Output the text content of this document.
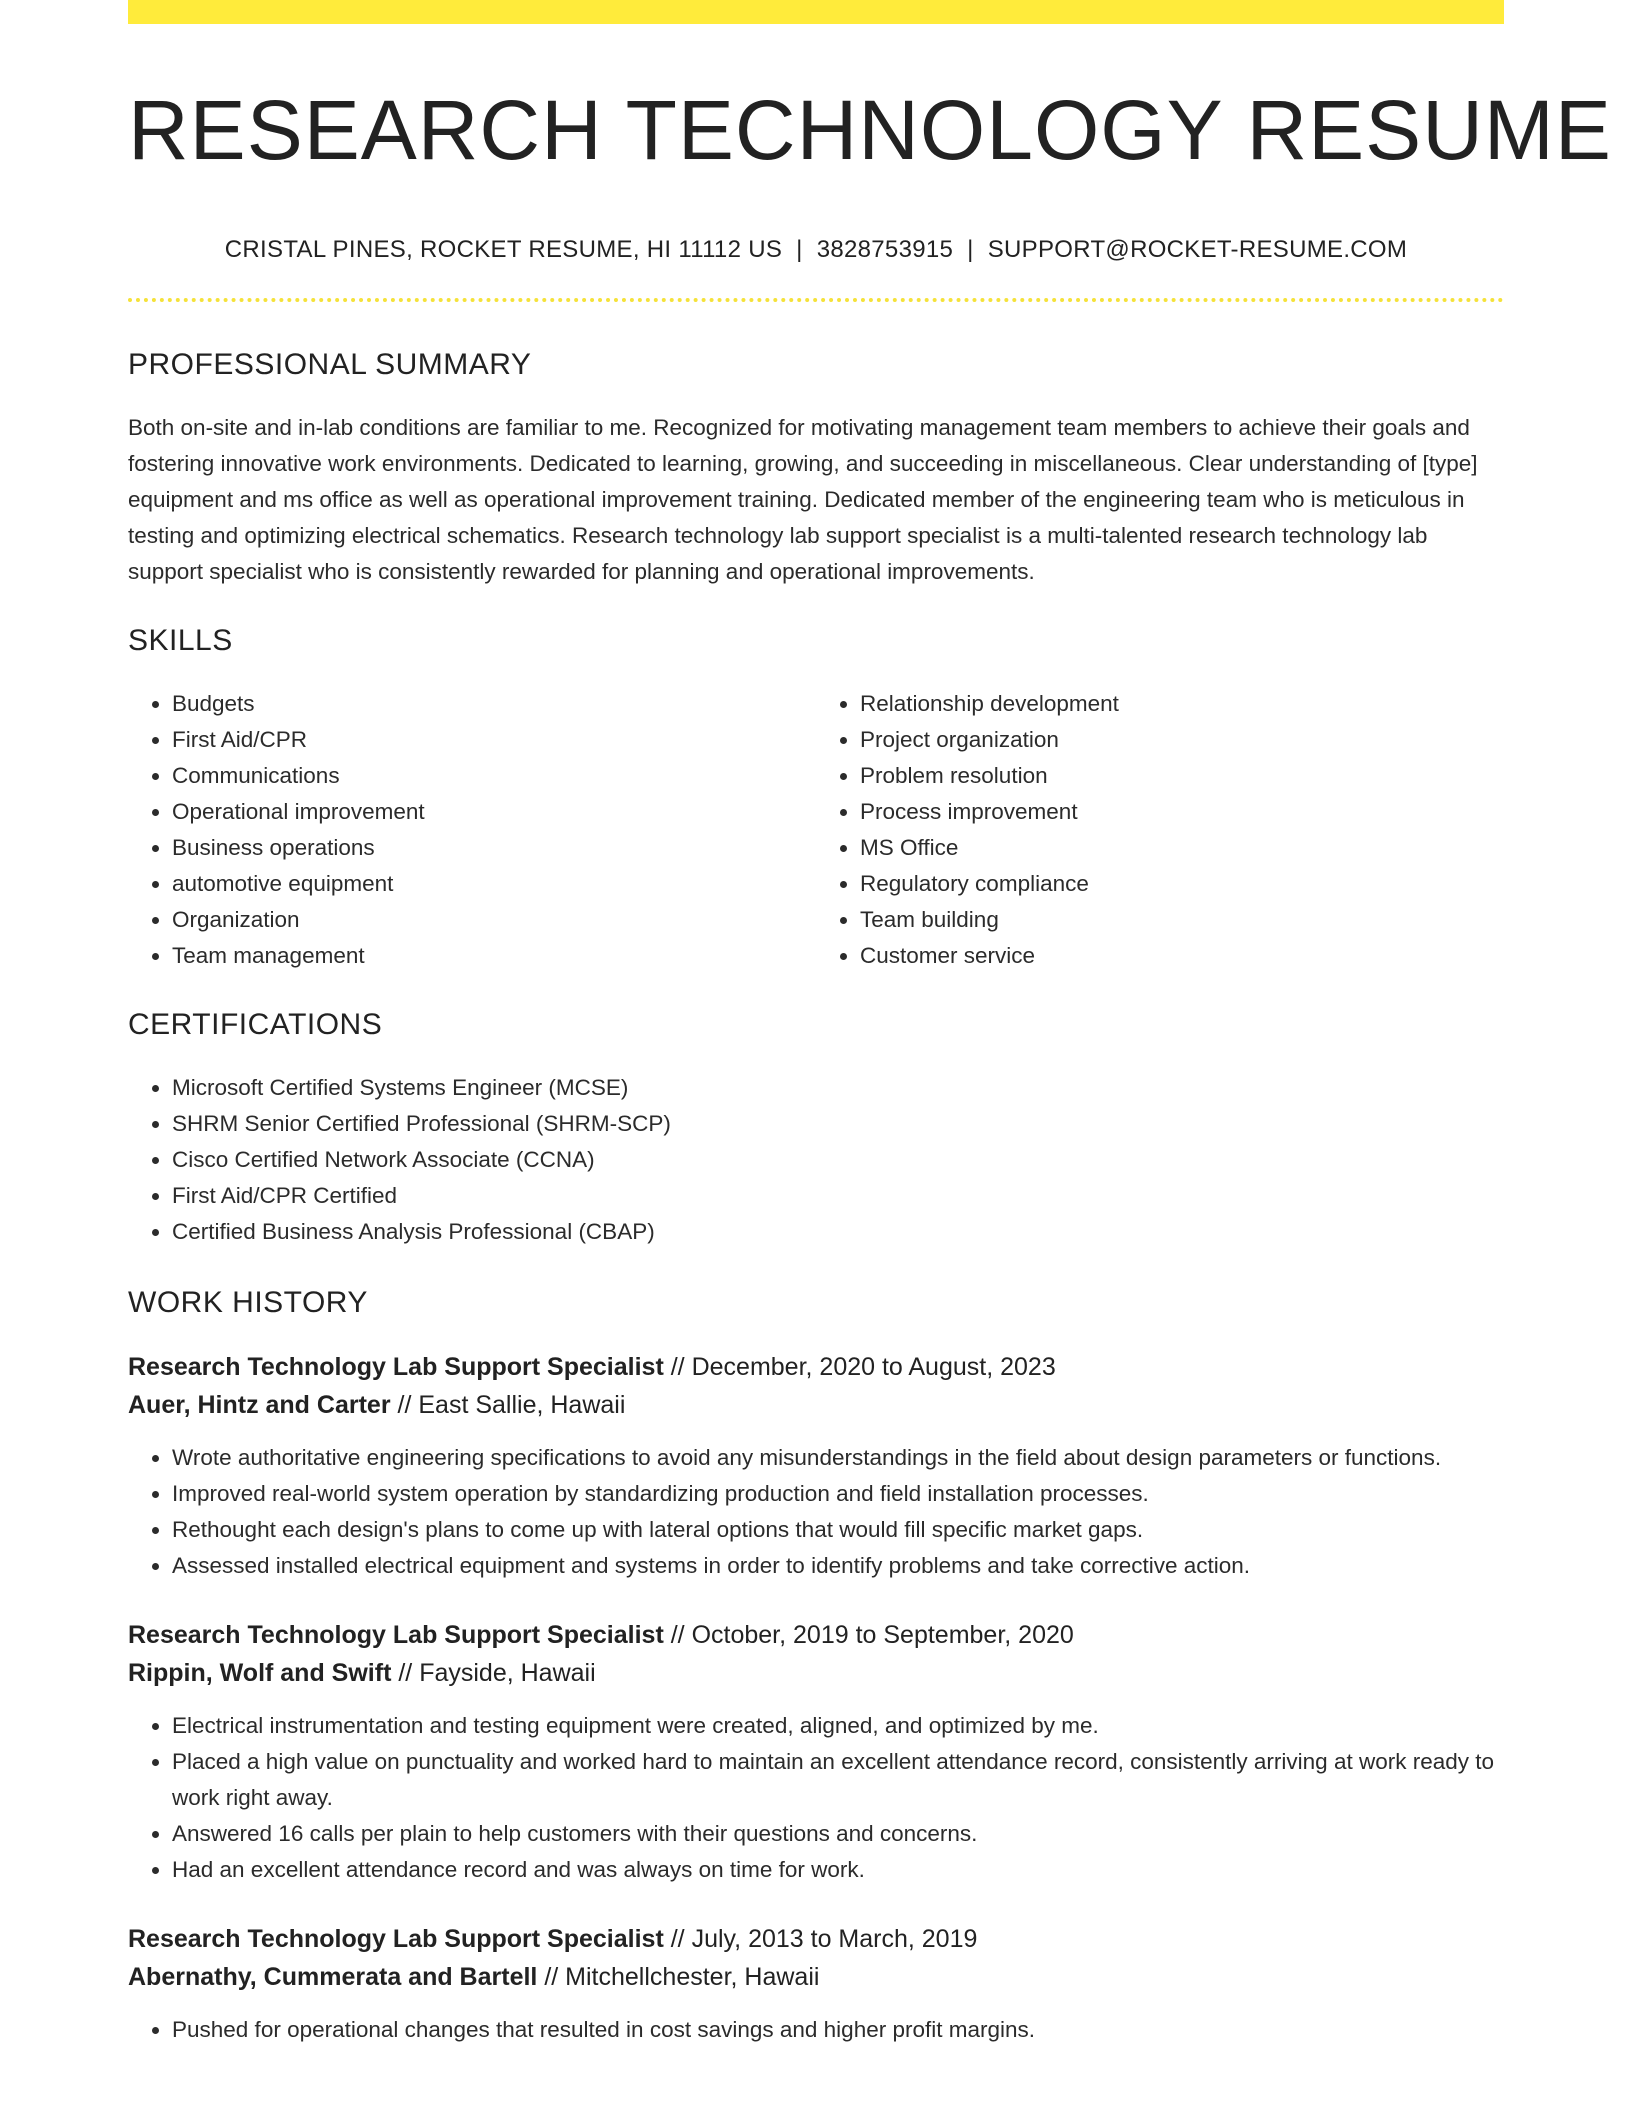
RESEARCH TECHNOLOGY RESUME
CRISTAL PINES, ROCKET RESUME, HI 11112 US | 3828753915 | SUPPORT@ROCKET-RESUME.COM
PROFESSIONAL SUMMARY

Both on-site and in-lab conditions are familiar to me. Recognized for motivating management team members to achieve their goals and fostering innovative work environments. Dedicated to learning, growing, and succeeding in miscellaneous. Clear understanding of [type] equipment and ms office as well as operational improvement training. Dedicated member of the engineering team who is meticulous in testing and optimizing electrical schematics. Research technology lab support specialist is a multi-talented research technology lab support specialist who is consistently rewarded for planning and operational improvements.

SKILLS
• Budgets
• First Aid/CPR
• Communications
• Operational improvement
• Business operations
• automotive equipment
• Organization
• Team management
• Relationship development
• Project organization
• Problem resolution
• Process improvement
• MS Office
• Regulatory compliance
• Team building
• Customer service
CERTIFICATIONS
• Microsoft Certified Systems Engineer (MCSE)
• SHRM Senior Certified Professional (SHRM-SCP)
• Cisco Certified Network Associate (CCNA)
• First Aid/CPR Certified
• Certified Business Analysis Professional (CBAP)
WORK HISTORY
Research Technology Lab Support Specialist // December, 2020 to August, 2023
Auer, Hintz and Carter // East Sallie, Hawaii
• Wrote authoritative engineering specifications to avoid any misunderstandings in the field about design parameters or functions.
• Improved real-world system operation by standardizing production and field installation processes.
• Rethought each design's plans to come up with lateral options that would fill specific market gaps.
• Assessed installed electrical equipment and systems in order to identify problems and take corrective action.
Research Technology Lab Support Specialist // October, 2019 to September, 2020
Rippin, Wolf and Swift // Fayside, Hawaii
• Electrical instrumentation and testing equipment were created, aligned, and optimized by me.
• Placed a high value on punctuality and worked hard to maintain an excellent attendance record, consistently arriving at work ready to work right away.
• Answered 16 calls per plain to help customers with their questions and concerns.
• Had an excellent attendance record and was always on time for work.
Research Technology Lab Support Specialist // July, 2013 to March, 2019
Abernathy, Cummerata and Bartell // Mitchellchester, Hawaii
• Pushed for operational changes that resulted in cost savings and higher profit margins.
